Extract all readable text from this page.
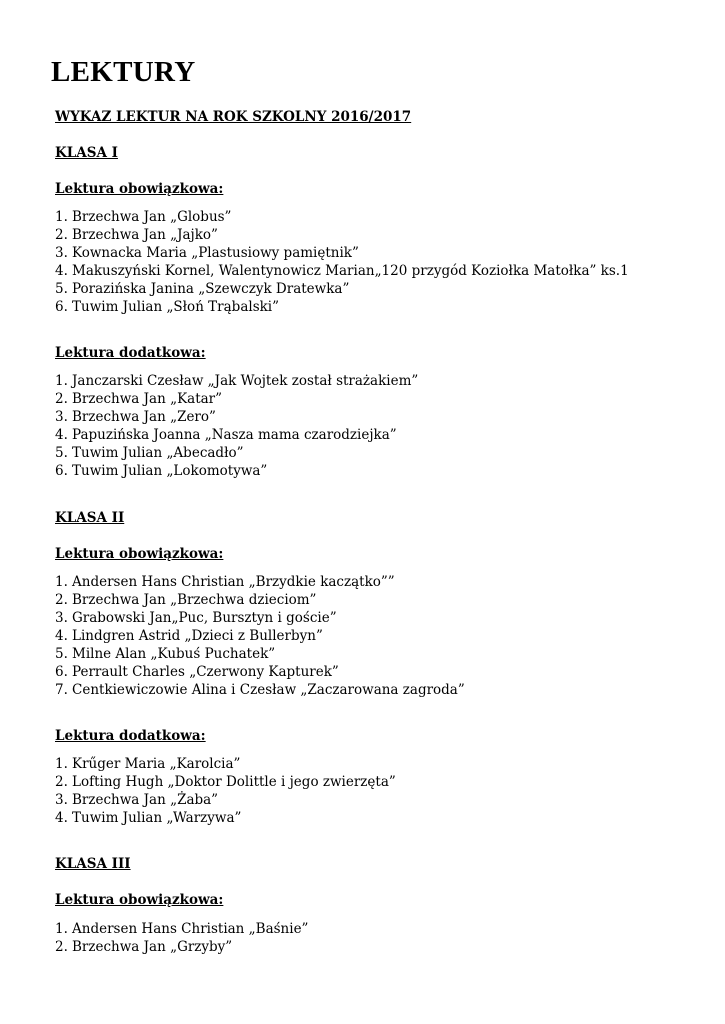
LEKTURY
WYKAZ LEKTUR NA ROK SZKOLNY 2016/2017
KLASA I
Lektura obowiązkowa:
1. Brzechwa Jan „Globus”
2. Brzechwa Jan „Jajko”
3. Kownacka Maria „Plastusiowy pamiętnik”
4. Makuszyński Kornel, Walentynowicz Marian„120 przygód Koziołka Matołka” ks.1
5. Porazińska Janina „Szewczyk Dratewka”
6. Tuwim Julian „Słoń Trąbalski”
Lektura dodatkowa:
1. Janczarski Czesław „Jak Wojtek został strażakiem”
2. Brzechwa Jan „Katar”
3. Brzechwa Jan „Zero”
4. Papuzińska Joanna „Nasza mama czarodziejka”
5. Tuwim Julian „Abecadło”
6. Tuwim Julian „Lokomotywa”
KLASA II
Lektura obowiązkowa:
1. Andersen Hans Christian „Brzydkie kaczątko””
2. Brzechwa Jan „Brzechwa dzieciom”
3. Grabowski Jan„Puc, Bursztyn i goście”
4. Lindgren Astrid „Dzieci z Bullerbyn”
5. Milne Alan „Kubuś Puchatek”
6. Perrault Charles „Czerwony Kapturek”
7. Centkiewiczowie Alina i Czesław „Zaczarowana zagroda”
Lektura dodatkowa:
1. Krűger Maria „Karolcia”
2. Lofting Hugh „Doktor Dolittle i jego zwierzęta”
3. Brzechwa Jan „Żaba”
4. Tuwim Julian „Warzywa”
KLASA III
Lektura obowiązkowa:
1. Andersen Hans Christian „Baśnie”
2. Brzechwa Jan „Grzyby”
